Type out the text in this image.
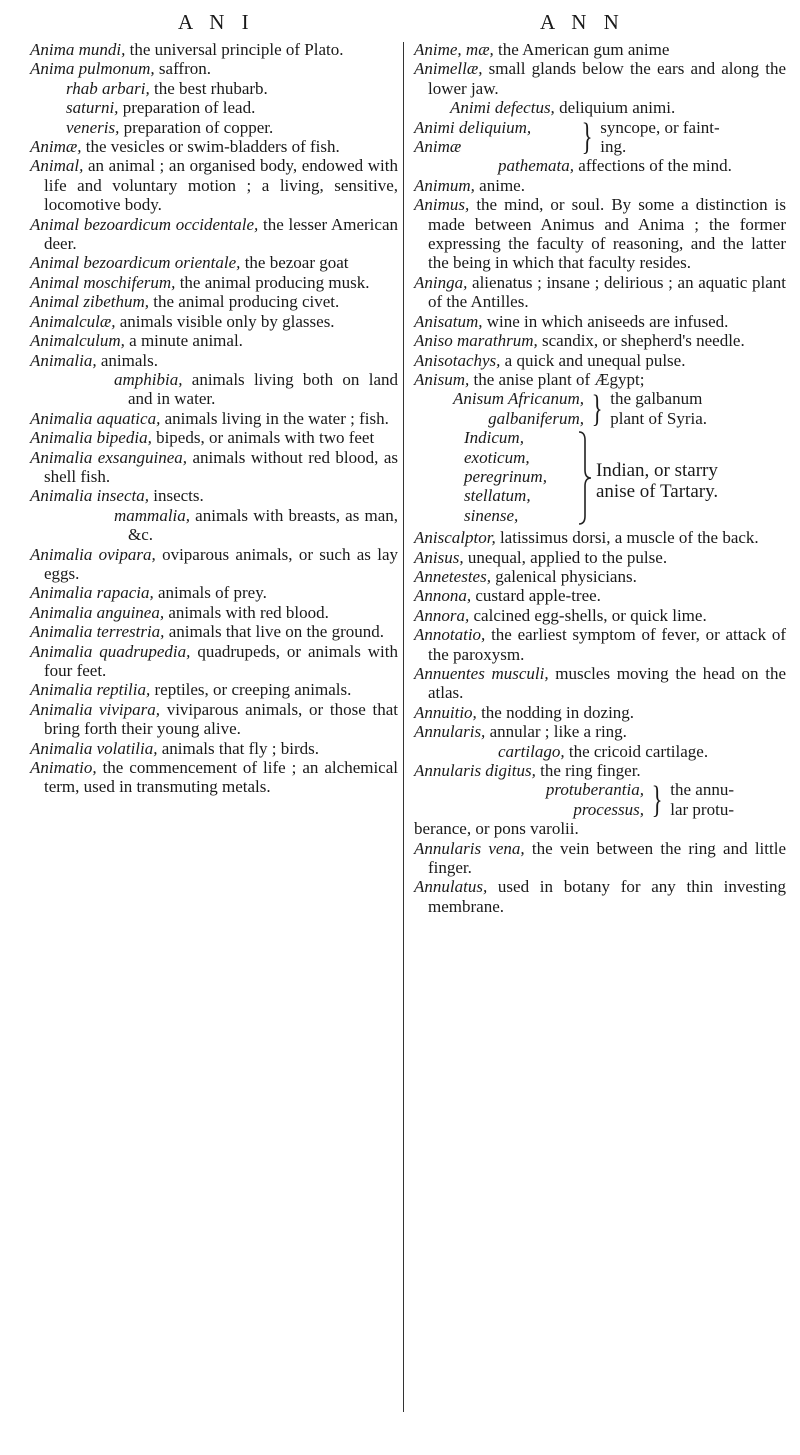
A N I	A N N

Anima mundi, the universal principle of Plato.

Anima pulmonum, saffron.

rhab arbari, the best rhubarb.

saturni, preparation of lead.

veneris, preparation of copper.

Animæ, the vesicles or swim-bladders of fish.

Animal, an animal ; an organised body, endowed with life and voluntary motion ; a living, sensitive, locomotive body.

Animal bezoardicum occidentale, the lesser American deer.

Animal bezoardicum orientale, the bezoar goat

Animal moschiferum, the animal producing musk.

Animal zibethum, the animal producing civet.

Animalculæ, animals visible only by glasses.

Animalculum, a minute animal.

Animalia, animals.

amphibia, animals living both on land and in water.

Animalia aquatica, animals living in the water ; fish.

Animalia bipedia, bipeds, or animals with two feet

Animalia exsanguinea, animals without red blood, as shell fish.

Animalia insecta, insects.

mammalia, animals with breasts, as man, &c.

Animalia ovipara, oviparous animals, or such as lay eggs.

Animalia rapacia, animals of prey.

Animalia anguinea, animals with red blood.

Animalia terrestria, animals that live on the ground.

Animalia quadrupedia, quadrupeds, or animals with four feet.

Animalia reptilia, reptiles, or creeping animals.

Animalia vivipara, viviparous animals, or those that bring forth their young alive.

Animalia volatilia, animals that fly ; birds.

Animatio, the commencement of life ; an alchemical term, used in transmuting metals.

Anime, mæ, the American gum anime

Animellæ, small glands below the ears and along the lower jaw.

Animi defectus, deliquium animi.

Animi deliquium,
Animæ	} syncope, or faint-
ing.

pathemata, affections of the mind.

Animum, anime.

Animus, the mind, or soul. By some a distinction is made between Animus and Anima ; the former expressing the faculty of reasoning, and the latter the being in which that faculty resides.

Aninga, alienatus ; insane ; delirious ; an aquatic plant of the Antilles.

Anisatum, wine in which aniseeds are infused.

Aniso marathrum, scandix, or shepherd's needle.

Anisotachys, a quick and unequal pulse.

Anisum, the anise plant of Ægypt;

Anisum Africanum,
galbaniferum, } the galbanum
plant of Syria.
Indicum,
exoticum,
peregrinum,
stellatum,
sinense,
Indian, or starry
anise of Tartary.

Aniscalptor, latissimus dorsi, a muscle of the back.

Anisus, unequal, applied to the pulse.

Annetestes, galenical physicians.

Annona, custard apple-tree.

Annora, calcined egg-shells, or quick lime.

Annotatio, the earliest symptom of fever, or attack of the paroxysm.

Annuentes musculi, muscles moving the head on the atlas.

Annuitio, the nodding in dozing.

Annularis, annular ; like a ring.

cartilago, the cricoid cartilage.

Annularis digitus, the ring finger.

protuberantia,
processus, } the annu-
lar protu-

berance, or pons varolii.

Annularis vena, the vein between the ring and little finger.

Annulatus, used in botany for any thin investing membrane.
